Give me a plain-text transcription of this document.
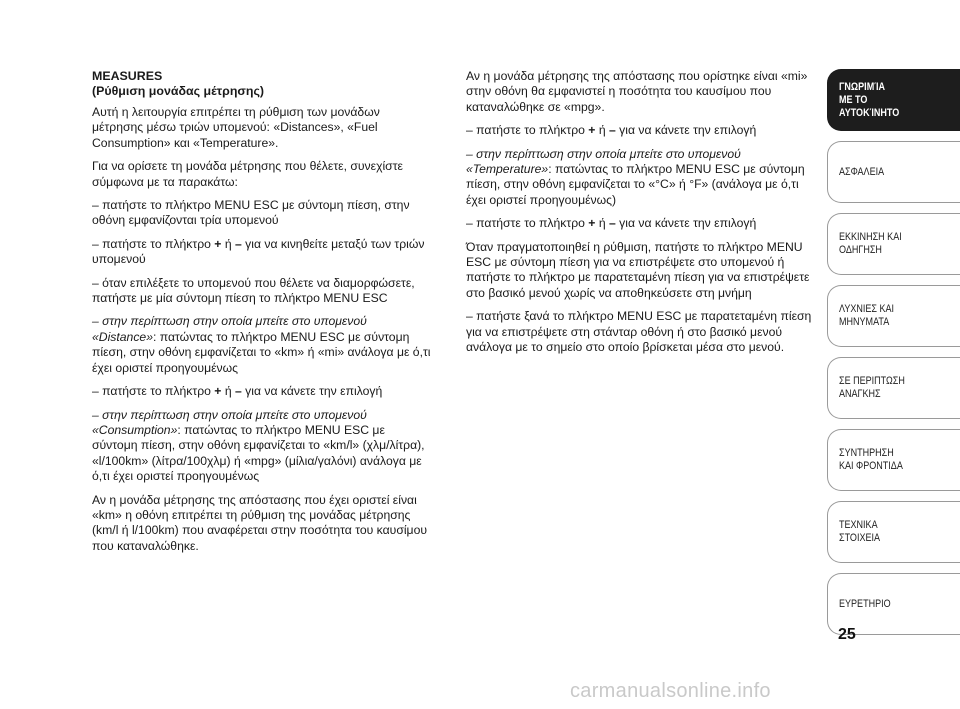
MEASURES
(Ρύθμιση μονάδας μέτρησης)

Αυτή η λειτουργία επιτρέπει τη ρύθμιση των μονάδων μέτρησης μέσω τριών υπομενού: «Distances», «Fuel Consumption» και «Temperature».

Για να ορίσετε τη μονάδα μέτρησης που θέλετε, συνεχίστε σύμφωνα με τα παρακάτω:

– πατήστε το πλήκτρο MENU ESC με σύντομη πίεση, στην οθόνη εμφανίζονται τρία υπομενού

– πατήστε το πλήκτρο + ή – για να κινηθείτε μεταξύ των τριών υπομενού

– όταν επιλέξετε το υπομενού που θέλετε να διαμορφώσετε, πατήστε με μία σύντομη πίεση το πλήκτρο MENU ESC

– στην περίπτωση στην οποία μπείτε στο υπομενού «Distance»: πατώντας το πλήκτρο MENU ESC με σύντομη πίεση, στην οθόνη εμφανίζεται το «km» ή «mi» ανάλογα με ό,τι έχει οριστεί προηγουμένως

– πατήστε το πλήκτρο + ή – για να κάνετε την επιλογή

– στην περίπτωση στην οποία μπείτε στο υπομενού «Consumption»: πατώντας το πλήκτρο MENU ESC με σύντομη πίεση, στην οθόνη εμφανίζεται το «km/l» (χλμ/λίτρα), «l/100km» (λίτρα/100χλμ) ή «mpg» (μίλια/γαλόνι) ανάλογα με ό,τι έχει οριστεί προηγουμένως

Αν η μονάδα μέτρησης της απόστασης που έχει οριστεί είναι «km» η οθόνη επιτρέπει τη ρύθμιση της μονάδας μέτρησης (km/l ή l/100km) που αναφέρεται στην ποσότητα του καυσίμου που καταναλώθηκε.

Αν η μονάδα μέτρησης της απόστασης που ορίστηκε είναι «mi» στην οθόνη θα εμφανιστεί η ποσότητα του καυσίμου που καταναλώθηκε σε «mpg».

– πατήστε το πλήκτρο + ή – για να κάνετε την επιλογή

– στην περίπτωση στην οποία μπείτε στο υπομενού «Temperature»: πατώντας το πλήκτρο MENU ESC με σύντομη πίεση, στην οθόνη εμφανίζεται το «°C» ή °F» (ανάλογα με ό,τι έχει οριστεί προηγουμένως)

– πατήστε το πλήκτρο + ή – για να κάνετε την επιλογή

Όταν πραγματοποιηθεί η ρύθμιση, πατήστε το πλήκτρο MENU ESC με σύντομη πίεση για να επιστρέψετε στο υπομενού ή πατήστε το πλήκτρο με παρατεταμένη πίεση για να επιστρέψετε στο βασικό μενού χωρίς να αποθηκεύσετε στη μνήμη

– πατήστε ξανά το πλήκτρο MENU ESC με παρατεταμένη πίεση για να επιστρέψετε στη στάνταρ οθόνη ή στο βασικό μενού ανάλογα με το σημείο στο οποίο βρίσκεται μέσα στο μενού.

ΓΝΩΡΙΜΊΑ
ΜΕ ΤΟ
ΑΥΤΟΚΊΝΗΤΟ
ΑΣΦΑΛΕΙΑ
ΕΚΚΙΝΗΣΗ ΚΑΙ
ΟΔΗΓΗΣΗ
ΛΥΧΝΙΕΣ ΚΑΙ
ΜΗΝΥΜΑΤΑ
ΣΕ ΠΕΡΙΠΤΩΣΗ
ΑΝΑΓΚΗΣ
ΣΥΝΤΗΡΗΣΗ
ΚΑΙ ΦΡΟΝΤΙΔΑ
ΤΕΧΝΙΚΑ
ΣΤΟΙΧΕΙΑ
ΕΥΡΕΤΗΡΙΟ
25
carmanualsonline.info
